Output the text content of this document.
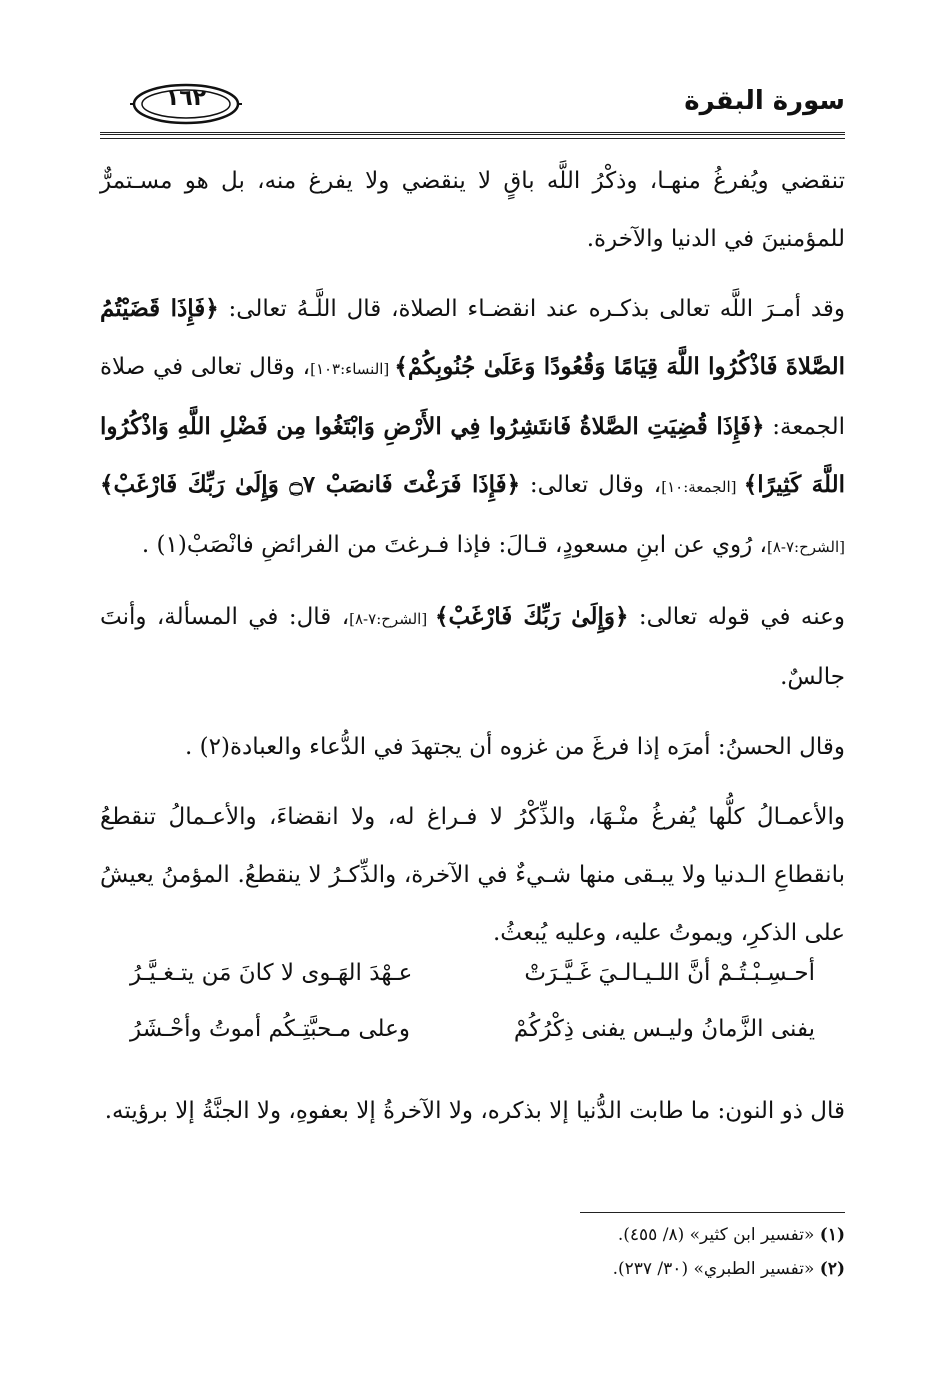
سورة البقرة
١٦٢

تنقضي ويُفرغُ منهـا، وذكْرُ اللَّه باقٍ لا ينقضي ولا يفرغ منه، بل هو مسـتمرٌّ للمؤمنينَ في الدنيا والآخرة.

وقد أمـرَ اللَّه تعالى بذكـره عند انقضـاء الصلاة، قال اللَّـهُ تعالى: ﴿فَإِذَا قَضَيْتُمُ الصَّلاةَ فَاذْكُرُوا اللَّهَ قِيَامًا وَقُعُودًا وَعَلَىٰ جُنُوبِكُمْ﴾ [النساء:١٠٣]، وقال تعالى في صلاة الجمعة: ﴿فَإِذَا قُضِيَتِ الصَّلاةُ فَانتَشِرُوا فِي الأَرْضِ وَابْتَغُوا مِن فَضْلِ اللَّهِ وَاذْكُرُوا اللَّهَ كَثِيرًا﴾ [الجمعة:١٠]، وقال تعالى: ﴿فَإِذَا فَرَغْتَ فَانصَبْ ۝٧ وَإِلَىٰ رَبِّكَ فَارْغَبْ﴾ [الشرح:٧-٨]، رُوي عن ابنِ مسعودٍ، قـالَ: فإذا فـرغتَ من الفرائضِ فانْصَبْ(١) .

وعنه في قوله تعالى: ﴿وَإِلَىٰ رَبِّكَ فَارْغَبْ﴾ [الشرح:٧-٨]، قال: في المسألة، وأنتَ جالسٌ.

وقال الحسنُ: أمرَه إذا فرغَ من غزوه أن يجتهدَ في الدُّعاء والعبادة(٢) .

والأعمـالُ كلُّها يُفرغُ منْـهَا، والذِّكْرُ لا فـراغ له، ولا انقضاءَ، والأعـمالُ تنقطعُ بانقطاعِ الـدنيا ولا يبـقى منها شـيءٌ في الآخرة، والذِّكـرُ لا ينقطعُ. المؤمنُ يعيشُ على الذكرِ، ويموتُ عليه، وعليه يُبعثُ.

أحـسِـبْـتُـمْ أنَّ اللـيـالـيَ غَـيَّـرَتْ
عـهْدَ الهَـوى لا كانَ مَن يتـغـيَّـرُ
يفنى الزَّمانُ وليـس يفنى ذِكْرُكُمْ
وعلى مـحبَّتِـكُم أموتُ وأحْـشَرُ

قال ذو النون: ما طابت الدُّنيا إلا بذكره، ولا الآخرةُ إلا بعفوهِ، ولا الجنَّةُ إلا برؤيته.

(١) «تفسير ابن كثير» (٨/ ٤٥٥).

(٢) «تفسير الطبري» (٣٠/ ٢٣٧).
